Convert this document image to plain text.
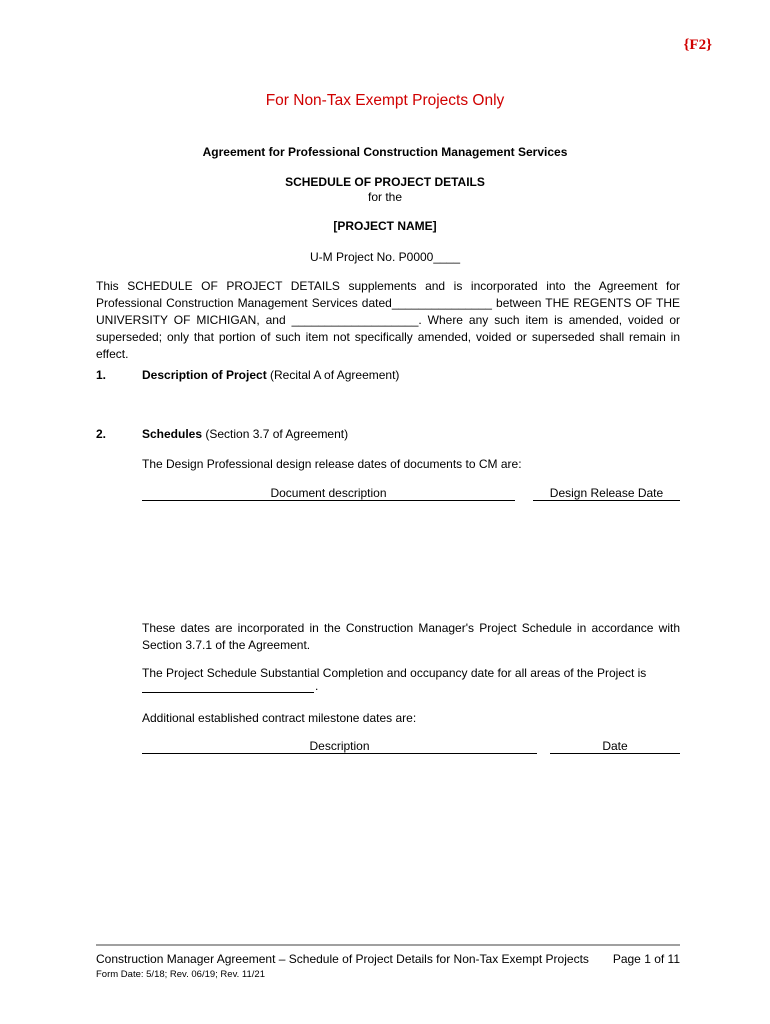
{F2}
For Non-Tax Exempt Projects Only
Agreement for Professional Construction Management Services
SCHEDULE OF PROJECT DETAILS
for the
[PROJECT NAME]
U-M Project No. P0000____
This SCHEDULE OF PROJECT DETAILS supplements and is incorporated into the Agreement for Professional Construction Management Services dated_______________ between THE REGENTS OF THE UNIVERSITY OF MICHIGAN, and ___________________. Where any such item is amended, voided or superseded; only that portion of such item not specifically amended, voided or superseded shall remain in effect.
1.	Description of Project (Recital A of Agreement)
2.	Schedules (Section 3.7 of Agreement)
The Design Professional design release dates of documents to CM are:
Document description	Design Release Date
These dates are incorporated in the Construction Manager's Project Schedule in accordance with Section 3.7.1 of the Agreement.
The Project Schedule Substantial Completion and occupancy date for all areas of the Project is
.
Additional established contract milestone dates are:
Description	Date
Construction Manager Agreement – Schedule of Project Details for Non-Tax Exempt Projects Page 1 of 11
Form Date: 5/18; Rev. 06/19; Rev. 11/21
